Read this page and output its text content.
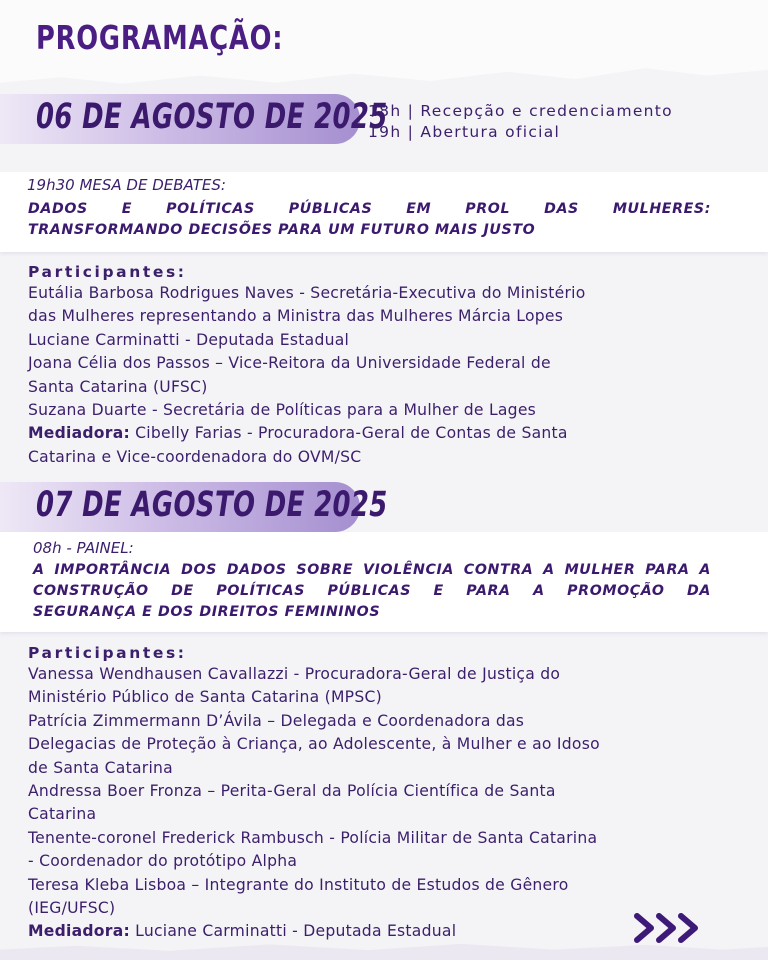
PROGRAMAÇÃO:
06 DE AGOSTO DE 2025
18h | Recepção e credenciamento
19h | Abertura oficial
19h30 MESA DE DEBATES:
DADOS E POLÍTICAS PÚBLICAS EM PROL DAS MULHERES:
TRANSFORMANDO DECISÕES PARA UM FUTURO MAIS JUSTO
Participantes:
Eutália Barbosa Rodrigues Naves - Secretária-Executiva do Ministério
das Mulheres representando a Ministra das Mulheres Márcia Lopes
Luciane Carminatti - Deputada Estadual
Joana Célia dos Passos – Vice-Reitora da Universidade Federal de
Santa Catarina (UFSC)
Suzana Duarte - Secretária de Políticas para a Mulher de Lages
Mediadora: Cibelly Farias - Procuradora-Geral de Contas de Santa
Catarina e Vice-coordenadora do OVM/SC
07 DE AGOSTO DE 2025
08h - PAINEL:
A IMPORTÂNCIA DOS DADOS SOBRE VIOLÊNCIA CONTRA A MULHER PARA A
CONSTRUÇÃO DE POLÍTICAS PÚBLICAS E PARA A PROMOÇÃO DA
SEGURANÇA E DOS DIREITOS FEMININOS
Participantes:
Vanessa Wendhausen Cavallazzi - Procuradora-Geral de Justiça do
Ministério Público de Santa Catarina (MPSC)
Patrícia Zimmermann D’Ávila – Delegada e Coordenadora das
Delegacias de Proteção à Criança, ao Adolescente, à Mulher e ao Idoso
de Santa Catarina
Andressa Boer Fronza – Perita-Geral da Polícia Científica de Santa
Catarina
Tenente-coronel Frederick Rambusch - Polícia Militar de Santa Catarina
- Coordenador do protótipo Alpha
Teresa Kleba Lisboa – Integrante do Instituto de Estudos de Gênero
(IEG/UFSC)
Mediadora: Luciane Carminatti - Deputada Estadual
